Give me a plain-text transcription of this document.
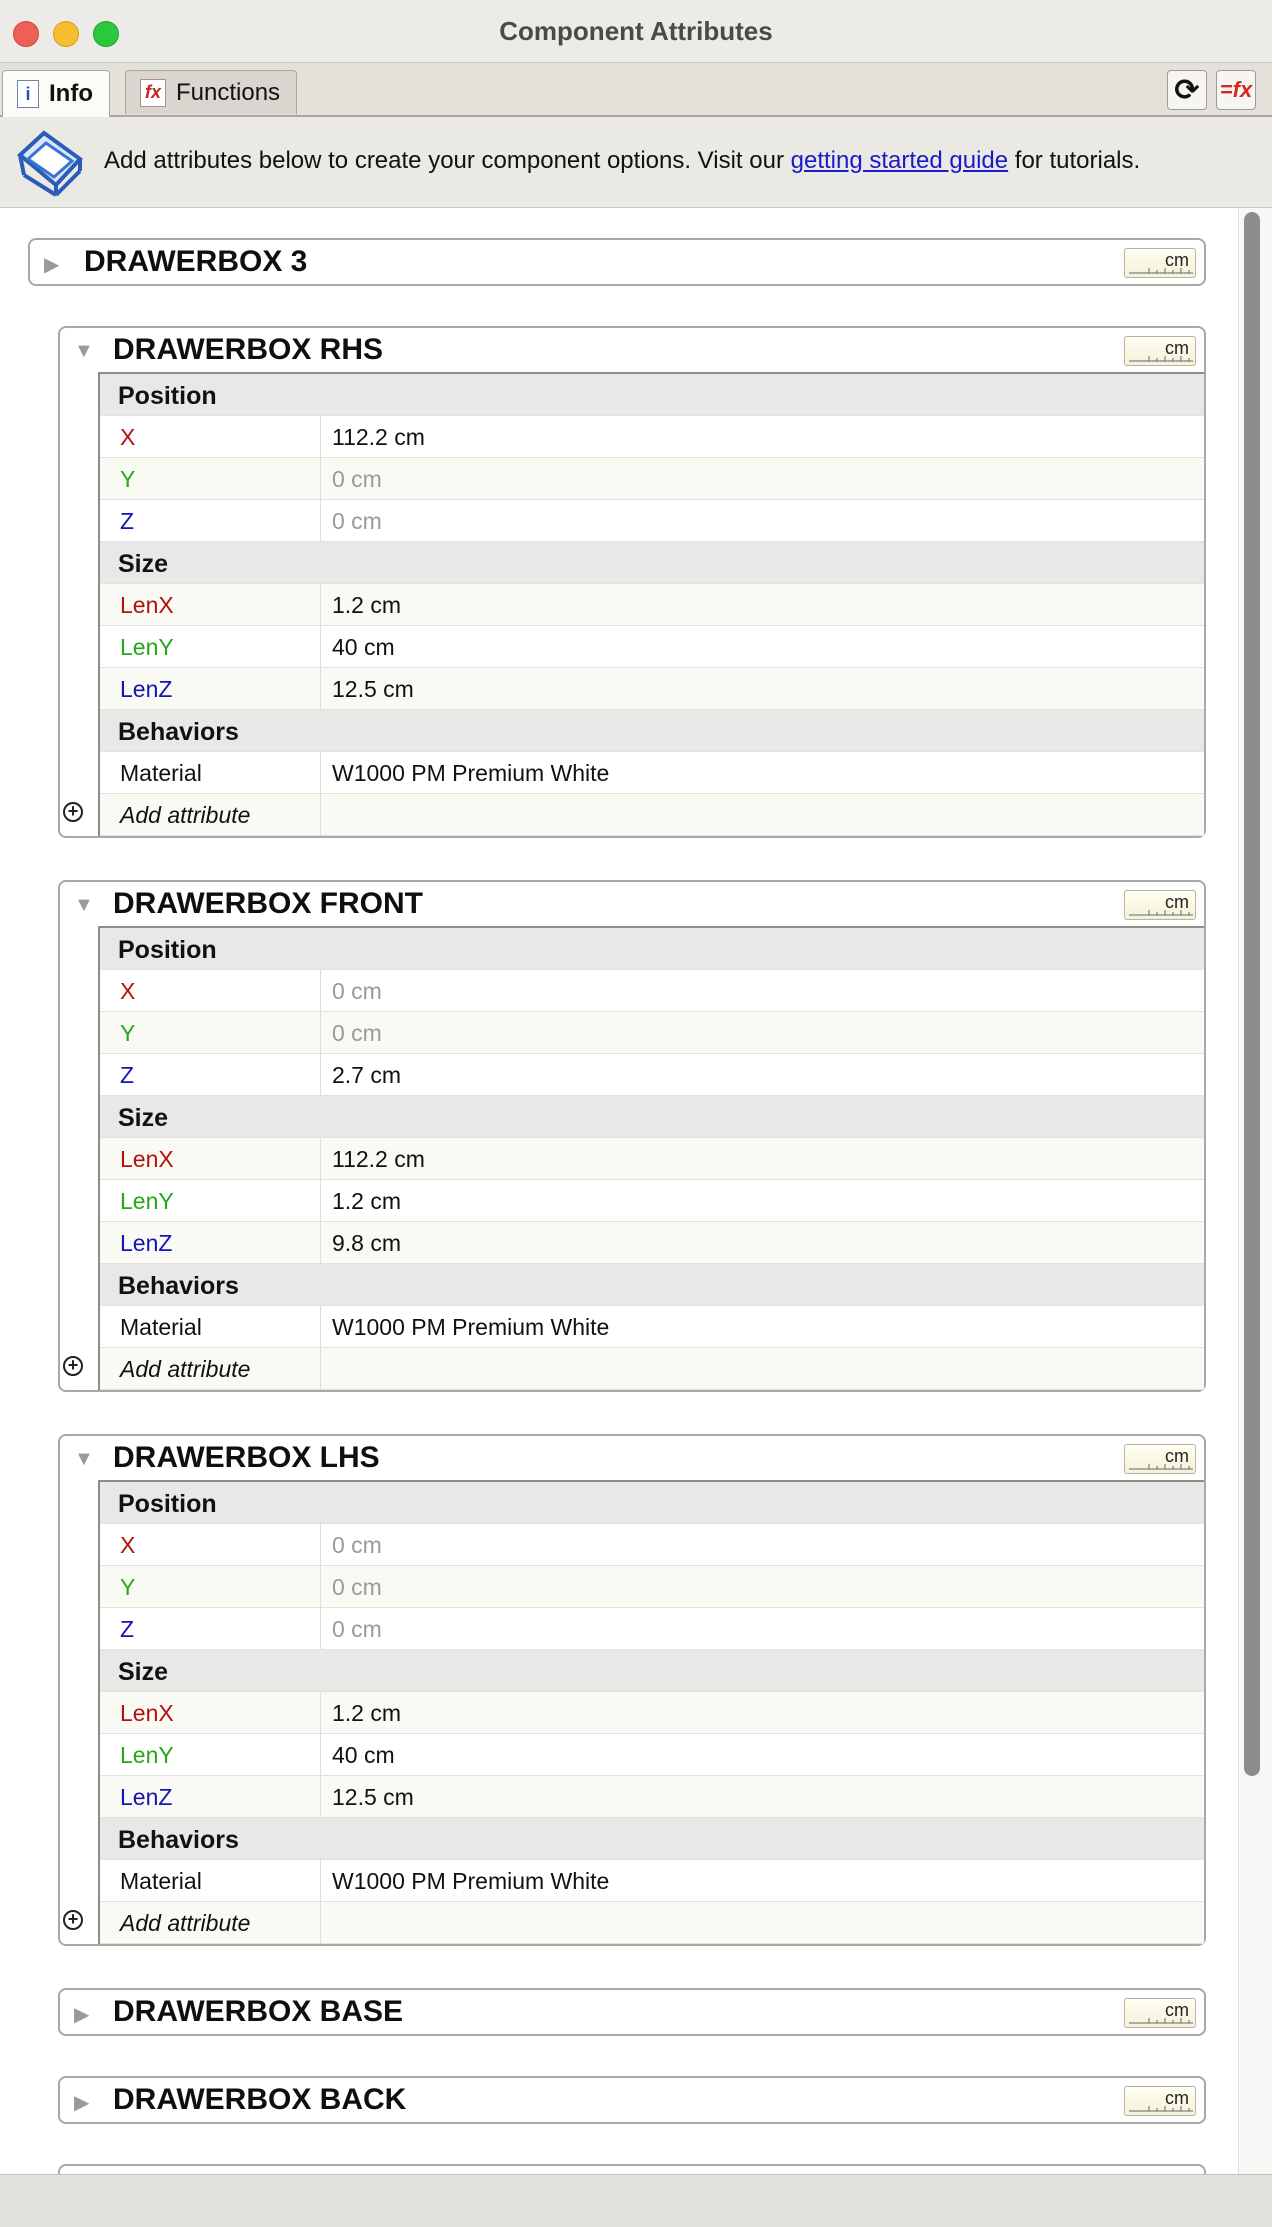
Component Attributes
i Info	fx Functions	⟳ =fx
Add attributes below to create your component options. Visit our getting started guide for tutorials.
▶ DRAWERBOX 3	cm
▼ DRAWERBOX RHS	cm
Position
X	112.2 cm
Y	0 cm
Z	0 cm
Size
LenX	1.2 cm
LenY	40 cm
LenZ	12.5 cm
Behaviors
Material	W1000 PM Premium White
+ Add attribute
▼ DRAWERBOX FRONT	cm
Position
X	0 cm
Y	0 cm
Z	2.7 cm
Size
LenX	112.2 cm
LenY	1.2 cm
LenZ	9.8 cm
Behaviors
Material	W1000 PM Premium White
+ Add attribute
▼ DRAWERBOX LHS	cm
Position
X	0 cm
Y	0 cm
Z	0 cm
Size
LenX	1.2 cm
LenY	40 cm
LenZ	12.5 cm
Behaviors
Material	W1000 PM Premium White
+ Add attribute
▶ DRAWERBOX BASE	cm
▶ DRAWERBOX BACK	cm
